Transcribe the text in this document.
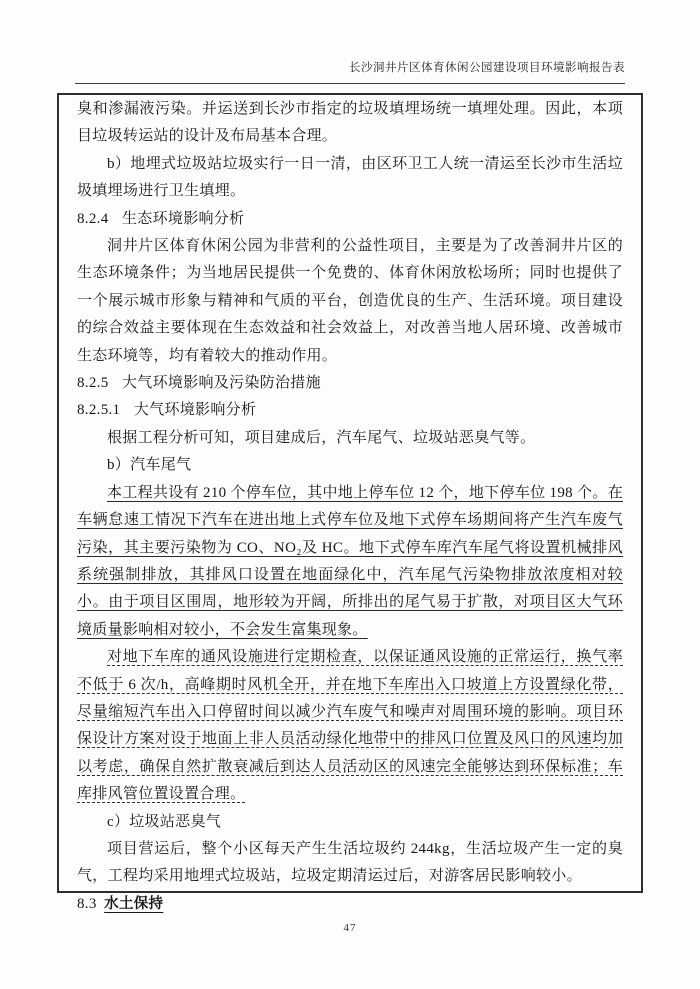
长沙洞井片区体育休闲公园建设项目环境影响报告表

臭和渗漏液污染。并运送到长沙市指定的垃圾填埋场统一填埋处理。因此，本项目垃圾转运站的设计及布局基本合理。

b）地埋式垃圾站垃圾实行一日一清，由区环卫工人统一清运至长沙市生活垃圾填埋场进行卫生填埋。

8.2.4 生态环境影响分析

洞井片区体育休闲公园为非营利的公益性项目，主要是为了改善洞井片区的生态环境条件；为当地居民提供一个免费的、体育休闲放松场所；同时也提供了一个展示城市形象与精神和气质的平台，创造优良的生产、生活环境。项目建设的综合效益主要体现在生态效益和社会效益上，对改善当地人居环境、改善城市生态环境等，均有着较大的推动作用。

8.2.5 大气环境影响及污染防治措施

8.2.5.1 大气环境影响分析

根据工程分析可知，项目建成后，汽车尾气、垃圾站恶臭气等。

b）汽车尾气

本工程共设有 210 个停车位，其中地上停车位 12 个，地下停车位 198 个。在车辆怠速工情况下汽车在进出地上式停车位及地下式停车场期间将产生汽车废气污染，其主要污染物为 CO、NO₂及 HC。地下式停车库汽车尾气将设置机械排风系统强制排放，其排风口设置在地面绿化中，汽车尾气污染物排放浓度相对较小。由于项目区围周，地形较为开阔，所排出的尾气易于扩散，对项目区大气环境质量影响相对较小，不会发生富集现象。

对地下车库的通风设施进行定期检查，以保证通风设施的正常运行，换气率不低于 6 次/h，高峰期时风机全开，并在地下车库出入口坡道上方设置绿化带，尽量缩短汽车出入口停留时间以减少汽车废气和噪声对周围环境的影响。项目环保设计方案对设于地面上非人员活动绿化地带中的排风口位置及风口的风速均加以考虑，确保自然扩散衰减后到达人员活动区的风速完全能够达到环保标准；车库排风管位置设置合理。

c）垃圾站恶臭气

项目营运后，整个小区每天产生生活垃圾约 244kg，生活垃圾产生一定的臭气，工程均采用地埋式垃圾站，垃圾定期清运过后，对游客居民影响较小。

8.3 水土保持

47
